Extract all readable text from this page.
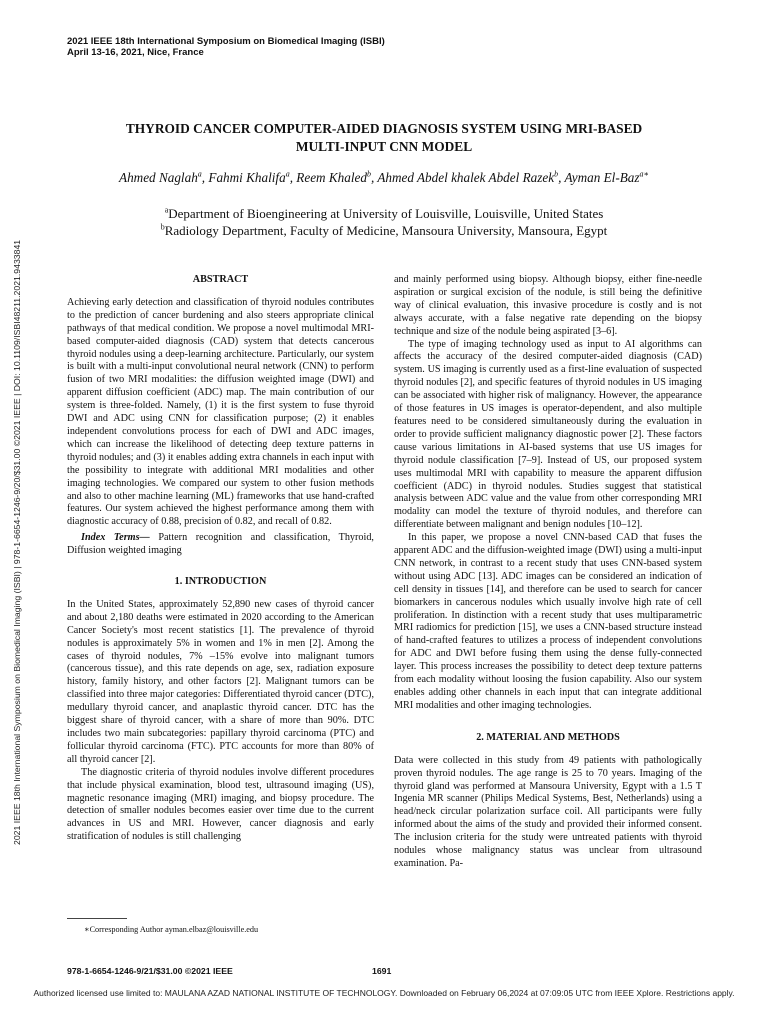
2021 IEEE 18th International Symposium on Biomedical Imaging (ISBI)
April 13-16, 2021, Nice, France
THYROID CANCER COMPUTER-AIDED DIAGNOSIS SYSTEM USING MRI-BASED
MULTI-INPUT CNN MODEL
Ahmed Naglah$^a$, Fahmi Khalifa$^a$, Reem Khaled$^b$, Ahmed Abdel khalek Abdel Razek$^b$, Ayman El-Baz$^{a∗}$
$^a$Department of Bioengineering at University of Louisville, Louisville, United States
$^b$Radiology Department, Faculty of Medicine, Mansoura University, Mansoura, Egypt
2021 IEEE 18th International Symposium on Biomedical Imaging (ISBI) | 978-1-6654-1246-9/20/$31.00 ©2021 IEEE | DOI: 10.1109/ISBI48211.2021.9433841	ABSTRACT

Achieving early detection and classification of thyroid nodules contributes to the prediction of cancer burdening and also steers appropriate clinical pathways of that medical condition. We propose a novel multimodal MRI-based computer-aided diagnosis (CAD) system that detects cancerous thyroid nodules using a deep-learning architecture. Particularly, our system is built with a multi-input convolutional neural network (CNN) to perform fusion of two MRI modalities: the diffusion weighted image (DWI) and apparent diffusion coefficient (ADC) map. The main contribution of our system is three-folded. Namely, (1) it is the first system to fuse thyroid DWI and ADC using CNN for classification purpose; (2) it enables independent convolutions process for each of DWI and ADC images, which can increase the likelihood of detecting deep texture patterns in thyroid nodules; and (3) it enables adding extra channels in each input with the possibility to integrate with additional MRI modalities and other imaging technologies. We compared our system to other fusion methods and also to other machine learning (ML) frameworks that use hand-crafted features. Our system achieved the highest performance among them with diagnostic accuracy of 0.88, precision of 0.82, and recall of 0.82.

Index Terms— Pattern recognition and classification, Thyroid, Diffusion weighted imaging

1. INTRODUCTION

In the United States, approximately 52,890 new cases of thyroid cancer and about 2,180 deaths were estimated in 2020 according to the American Cancer Society's most recent statistics [1]. The prevalence of thyroid nodules is approximately 5% in women and 1% in men [2]. Among the cases of thyroid nodules, 7% –15% evolve into malignant tumors (cancerous tissue), and this rate depends on age, sex, radiation exposure history, family history, and other factors [2]. Malignant tumors can be classified into three major categories: Differentiated thyroid cancer (DTC), medullary thyroid cancer, and anaplastic thyroid cancer. DTC has the biggest share of thyroid cancer, with a share of more than 90%. DTC includes two main subcategories: papillary thyroid carcinoma (PTC) and follicular thyroid carcinoma (FTC). PTC accounts for more than 80% of all thyroid cancer [2].

The diagnostic criteria of thyroid nodules involve different procedures that include physical examination, blood test, ultrasound imaging (US), magnetic resonance imaging (MRI) imaging, and biopsy procedure. The detection of smaller nodules becomes easier over time due to the current advances in US and MRI. However, cancer diagnosis and early stratification of nodules is still challenging

and mainly performed using biopsy. Although biopsy, either fine-needle aspiration or surgical excision of the nodule, is still being the definitive way of clinical evaluation, this invasive procedure is costly and is not always accurate, with a false negative rate depending on the biopsy technique and size of the nodule being aspirated [3–6].

The type of imaging technology used as input to AI algorithms can affects the accuracy of the desired computer-aided diagnosis (CAD) system. US imaging is currently used as a first-line evaluation of suspected thyroid nodules [2], and specific features of thyroid nodules in US imaging can be associated with higher risk of malignancy. However, the appearance of those features in US images is operator-dependent, and also multiple features need to be considered simultaneously during the evaluation in order to provide sufficient malignancy diagnostic power [2]. These factors cause various limitations in AI-based systems that use US images for thyroid nodule classification [7–9]. Instead of US, our proposed system uses multimodal MRI with capability to measure the apparent diffusion coefficient (ADC) in thyroid nodules. Studies suggest that statistical analysis between ADC value and the value from other corresponding MRI modality can model the texture of thyroid nodules, and therefore can differentiate between malignant and benign nodules [10–12].

In this paper, we propose a novel CNN-based CAD that fuses the apparent ADC and the diffusion-weighted image (DWI) using a multi-input CNN network, in contrast to a recent study that uses CNN-based system without using ADC [13]. ADC images can be considered an indication of cell density in tissues [14], and therefore can be used to search for cancer biomarkers in cancerous nodules which usually involve high rate of cell proliferation. In distinction with a recent study that uses multiparametric MRI radiomics for prediction [15], we uses a CNN-based structure instead of hand-crafted features to utilizes a process of independent convolutions for ADC and DWI before fusing them using the dense fully-connected layer. This process increases the possibility to detect deep texture patterns from each modality without loosing the fusion capability. Also our system enables adding other channels in each input that can integrate additional MRI modalities and other imaging technologies.

2. MATERIAL AND METHODS

Data were collected in this study from 49 patients with pathologically proven thyroid nodules. The age range is 25 to 70 years. Imaging of the thyroid gland was performed at Mansoura University, Egypt with a 1.5 T Ingenia MR scanner (Philips Medical Systems, Best, Netherlands) using a head/neck circular polarization surface coil. All participants were fully informed about the aims of the study and provided their informed consent. The inclusion criteria for the study were untreated patients with thyroid nodules whose malignancy status was unclear from ultrasound examination. Pa-

∗Corresponding Author ayman.elbaz@louisville.edu
978-1-6654-1246-9/21/$31.00 ©2021 IEEE	1691
Authorized licensed use limited to: MAULANA AZAD NATIONAL INSTITUTE OF TECHNOLOGY. Downloaded on February 06,2024 at 07:09:05 UTC from IEEE Xplore. Restrictions apply.
